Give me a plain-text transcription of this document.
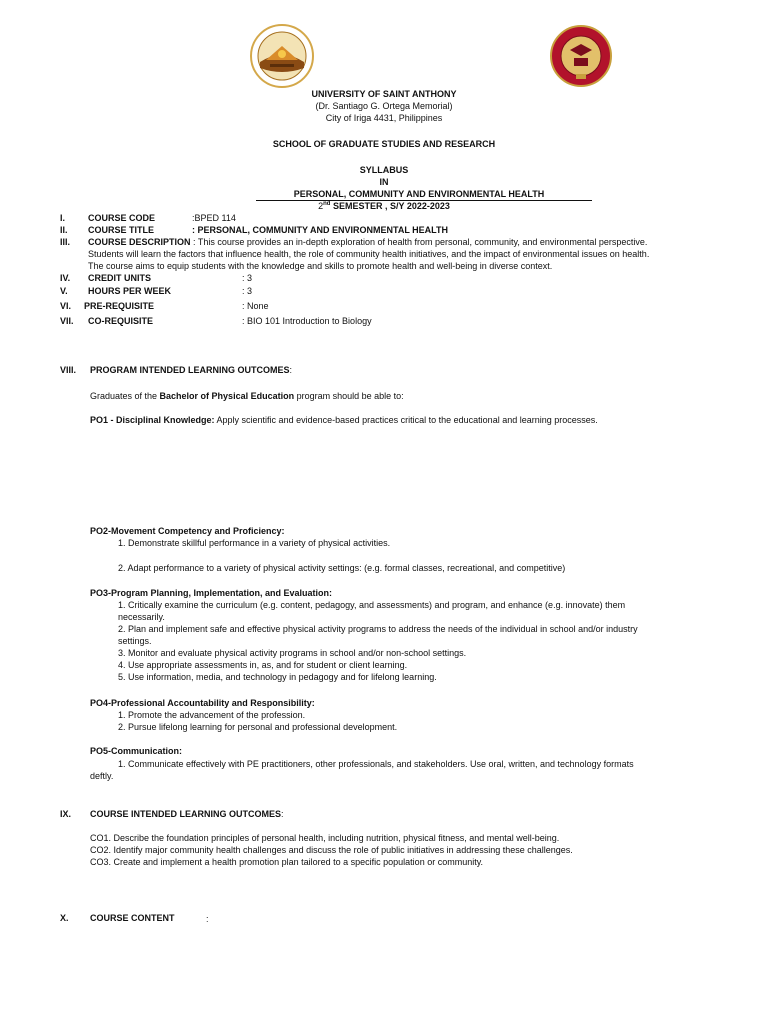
UNIVERSITY OF SAINT ANTHONY
(Dr. Santiago G. Ortega Memorial)
City of Iriga 4431, Philippines
SCHOOL OF GRADUATE STUDIES AND RESEARCH
SYLLABUS
IN
PERSONAL, COMMUNITY AND ENVIRONMENTAL HEALTH
2nd SEMESTER , S/Y 2022-2023
I.	COURSE CODE	:BPED 114
II. COURSE TITLE	: PERSONAL, COMMUNITY AND ENVIRONMENTAL HEALTH
III. COURSE DESCRIPTION : This course provides an in-depth exploration of health from personal, community, and environmental perspective.
Students will learn the factors that influence health, the role of community health initiatives, and the impact of environmental issues on health.
The course aims to equip students with the knowledge and skills to promote health and well-being in diverse context.
IV. CREDIT UNITS	: 3
V. HOURS PER WEEK	: 3
VI. PRE-REQUISITE	: None
VII. CO-REQUISITE	: BIO 101 Introduction to Biology
VIII. PROGRAM INTENDED LEARNING OUTCOMES:
Graduates of the Bachelor of Physical Education program should be able to:
PO1 - Disciplinal Knowledge: Apply scientific and evidence-based practices critical to the educational and learning processes.
PO2-Movement Competency and Proficiency:
1. Demonstrate skillful performance in a variety of physical activities.
2. Adapt performance to a variety of physical activity settings: (e.g. formal classes, recreational, and competitive)
PO3-Program Planning, Implementation, and Evaluation:
1. Critically examine the curriculum (e.g. content, pedagogy, and assessments) and program, and enhance (e.g. innovate) them
necessarily.
2. Plan and implement safe and effective physical activity programs to address the needs of the individual in school and/or industry
settings.
3. Monitor and evaluate physical activity programs in school and/or non-school settings.
4. Use appropriate assessments in, as, and for student or client learning.
5. Use information, media, and technology in pedagogy and for lifelong learning.
PO4-Professional Accountability and Responsibility:
1. Promote the advancement of the profession.
2. Pursue lifelong learning for personal and professional development.
PO5-Communication:
1. Communicate effectively with PE practitioners, other professionals, and stakeholders. Use oral, written, and technology formats
deftly.
IX. COURSE INTENDED LEARNING OUTCOMES:
CO1. Describe the foundation principles of personal health, including nutrition, physical fitness, and mental well-being.
CO2. Identify major community health challenges and discuss the role of public initiatives in addressing these challenges.
CO3. Create and implement a health promotion plan tailored to a specific population or community.
X. COURSE CONTENT	:
